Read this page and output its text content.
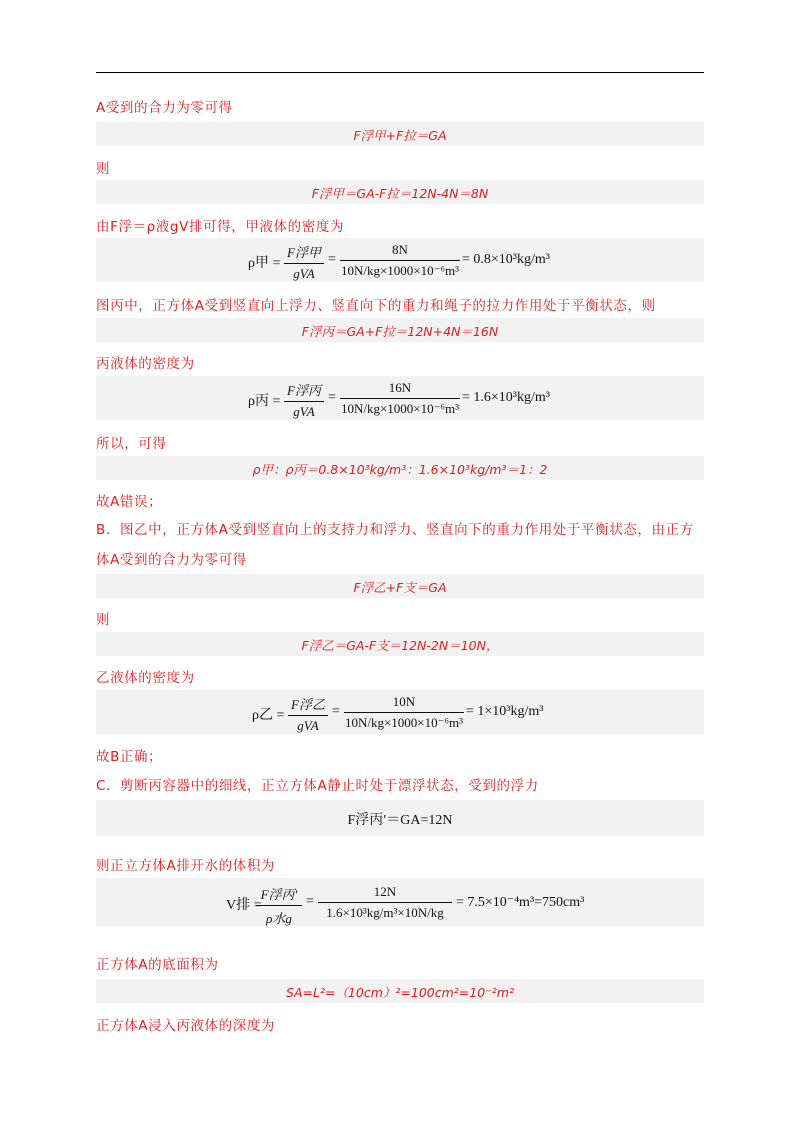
A受到的合力为零可得
F浮甲+F拉＝GA
则
F浮甲＝GA-F拉＝12N-4N＝8N
由F浮＝ρ液gV排可得，甲液体的密度为
ρ甲 =
F浮甲
gVA
= $\frac{8N}{\text{10N/kg×1000×10⁻⁶m³}} = 0.8\times 10^3kg/m^3$
图丙中，正方体A受到竖直向上浮力、竖直向下的重力和绳子的拉力作用处于平衡状态，则
F浮丙＝GA+F拉＝12N+4N＝16N
丙液体的密度为
ρ丙 =
F浮丙
gVA
= $\frac{16N}{\text{10N/kg×1000×10⁻⁶m³}} = 1.6\times 10^3kg/m^3$
所以，可得
ρ甲：ρ丙＝0.8×10³kg/m³：1.6×10³kg/m³＝1：2
故A错误；
B．图乙中，正方体A受到竖直向上的支持力和浮力、竖直向下的重力作用处于平衡状态，由正方
体A受到的合力为零可得
F浮乙+F支＝GA
则
F浮乙＝GA-F支＝12N-2N＝10N，
乙液体的密度为
ρ乙 =
F浮乙
gVA
= $\frac{10N}{\text{10N/kg×1000×10⁻⁶m³}} = 1\times 10^3kg/m^3$
故B正确；
C．剪断丙容器中的细线，正立方体A静止时处于漂浮状态，受到的浮力
F浮丙′＝GA=12N
则正立方体A排开水的体积为
V排 =
F浮丙′
ρ水g
= $\frac{12N}{\text{1.6×10³kg/m³×10N/kg}} = 7.5\times 10^{-4}m^3=750cm^3$
正方体A的底面积为
SA=L²=（10cm）²=100cm²=10⁻²m²
正方体A浸入丙液体的深度为
